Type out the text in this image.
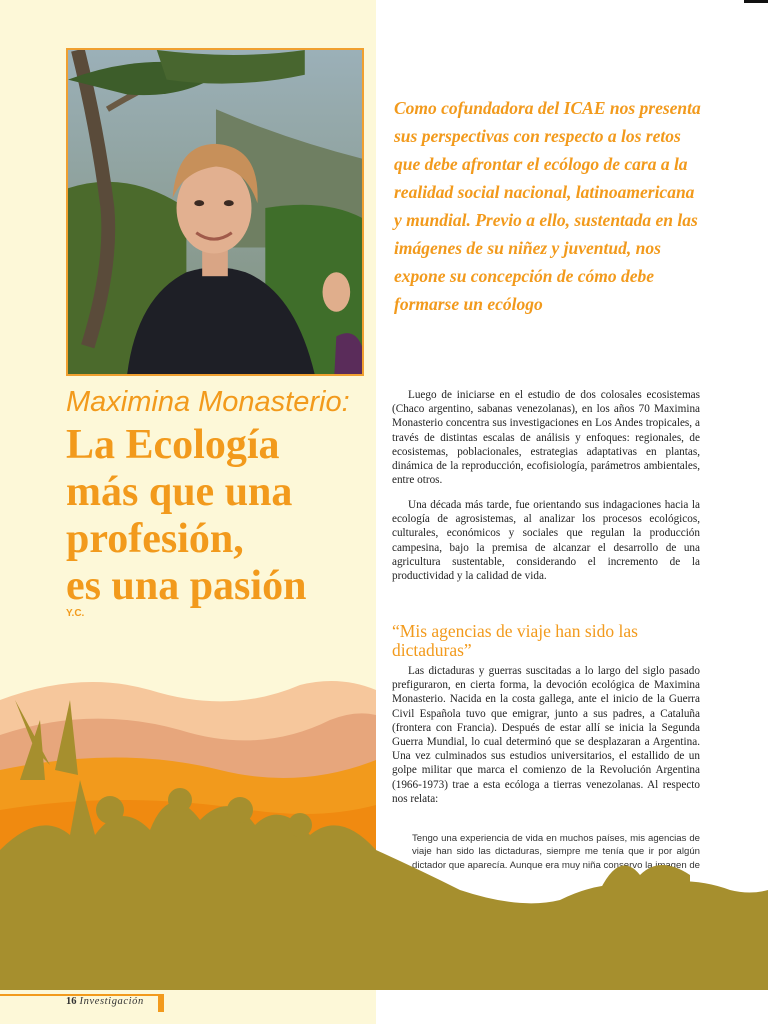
Como cofundadora del ICAE nos presenta sus perspectivas con respecto a los retos que debe afrontar el ecólogo de cara a la realidad social nacional, latinoamericana y mundial. Previo a ello, sustentada en las imágenes de su niñez y juventud, nos expone su concepción de cómo debe formarse un ecólogo
Maximina Monasterio:
La Ecología
más que una
profesión,
es una pasión
Y.C.

Luego de iniciarse en el estudio de dos colosales ecosistemas (Chaco argentino, sabanas venezolanas), en los años 70 Maximina Monasterio concentra sus investigaciones en Los Andes tropicales, a través de distintas escalas de análisis y enfoques: regionales, de ecosistemas, poblacionales, estrategias adaptativas en plantas, dinámica de la reproducción, ecofisiología, parámetros ambientales, entre otros.

Una década más tarde, fue orientando sus indagaciones hacia la ecología de agrosistemas, al analizar los procesos ecológicos, culturales, económicos y sociales que regulan la producción campesina, bajo la premisa de alcanzar el desarrollo de una agricultura sustentable, considerando el incremento de la productividad y la calidad de vida.

“Mis agencias de viaje han sido las dictaduras”

Las dictaduras y guerras suscitadas a lo largo del siglo pasado prefiguraron, en cierta forma, la devoción ecológica de Maximina Monasterio. Nacida en la costa gallega, ante el inicio de la Guerra Civil Española tuvo que emigrar, junto a sus padres, a Cataluña (frontera con Francia). Después de estar allí se inicia la Segunda Guerra Mundial, lo cual determinó que se desplazaran a Argentina. Una vez culminados sus estudios universitarios, el estallido de un golpe militar que marca el comienzo de la Revolución Argentina (1966-1973) trae a esta ecóloga a tierras venezolanas. Al respecto nos relata:

Tengo una experiencia de vida en muchos países, mis agencias de viaje han sido las dictaduras, siempre me tenía que ir por algún dictador que aparecía. Aunque era muy niña conservo la imagen de
16 Investigación
